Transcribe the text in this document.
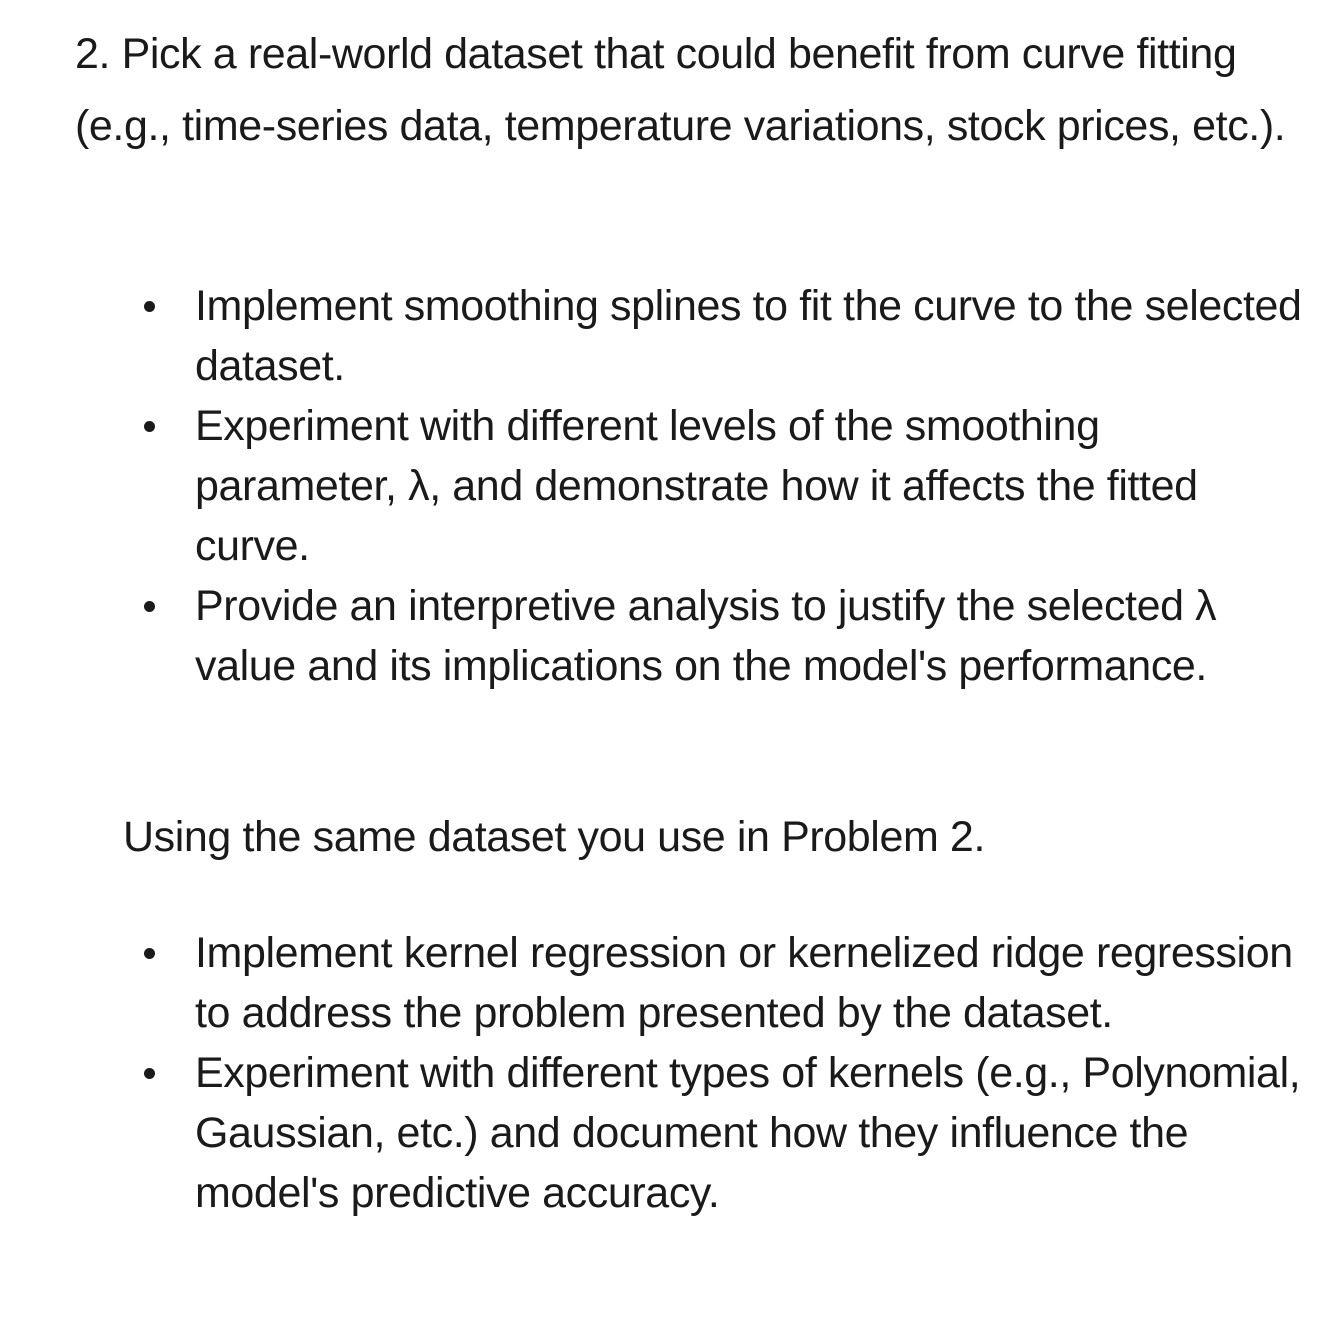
2. Pick a real-world dataset that could benefit from curve fitting (e.g., time-series data, temperature variations, stock prices, etc.).

Implement smoothing splines to fit the curve to the selected dataset.
Experiment with different levels of the smoothing parameter, λ, and demonstrate how it affects the fitted curve.
Provide an interpretive analysis to justify the selected λ value and its implications on the model's performance.

Using the same dataset you use in Problem 2.

Implement kernel regression or kernelized ridge regression to address the problem presented by the dataset.
Experiment with different types of kernels (e.g., Polynomial, Gaussian, etc.) and document how they influence the model's predictive accuracy.
